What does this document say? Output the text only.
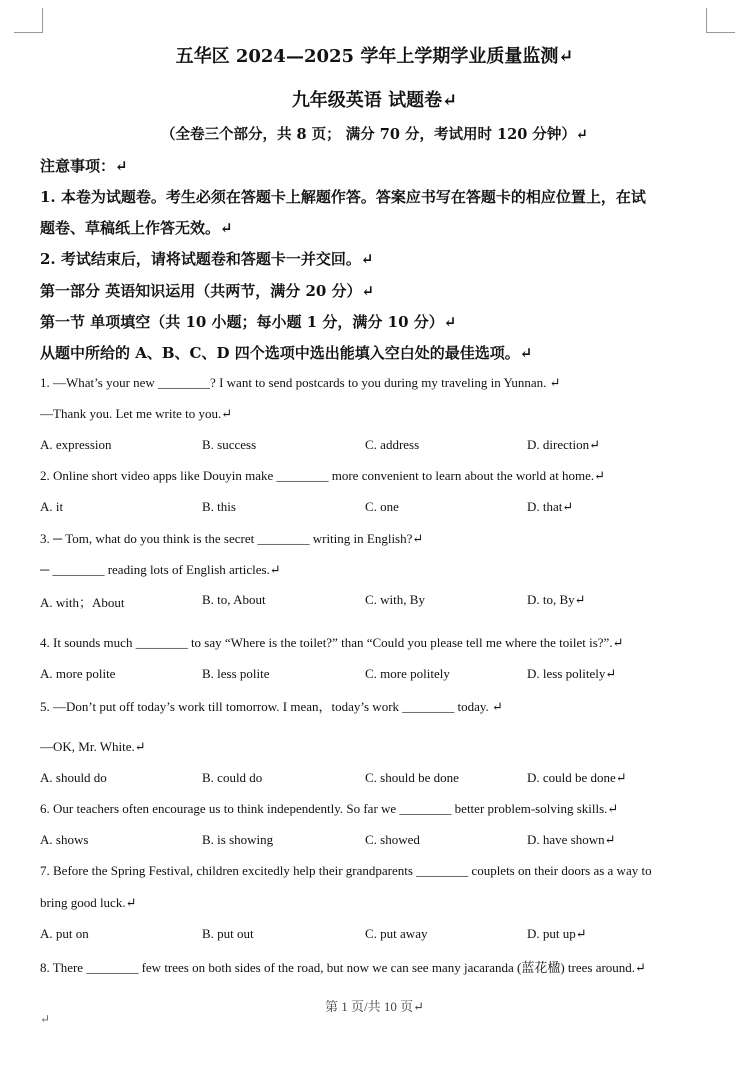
五华区 2024—2025 学年上学期学业质量监测↵
九年级英语 试题卷↵
（全卷三个部分，共 8 页； 满分 70 分，考试用时 120 分钟）↵
注意事项：↵
1. 本卷为试题卷。考生必须在答题卡上解题作答。答案应书写在答题卡的相应位置上，在试
题卷、草稿纸上作答无效。↵
2. 考试结束后，请将试题卷和答题卡一并交回。↵
第一部分 英语知识运用（共两节，满分 20 分）↵
第一节 单项填空（共 10 小题；每小题 1 分，满分 10 分）↵
从题中所给的 A、B、C、D 四个选项中选出能填入空白处的最佳选项。↵
1. —What’s your new ________? I want to send postcards to you during my traveling in Yunnan. ↵
—Thank you. Let me write to you.↵
A. expression	B. success	C. address	D. direction↵
2. Online short video apps like Douyin make ________ more convenient to learn about the world at home.↵
A. it	B. this	C. one	D. that↵
3. ─ Tom, what do you think is the secret ________ writing in English?↵
─ ________ reading lots of English articles.↵
A. with；About	B. to, About	C. with, By	D. to, By↵
4. It sounds much ________ to say “Where is the toilet?” than “Could you please tell me where the toilet is?”.↵
A. more polite	B. less polite	C. more politely	D. less politely↵
5. —Don’t put off today’s work till tomorrow. I mean，today’s work ________ today. ↵
—OK, Mr. White.↵
A. should do	B. could do	C. should be done	D. could be done↵
6. Our teachers often encourage us to think independently. So far we ________ better problem-solving skills.↵
A. shows	B. is showing	C. showed	D. have shown↵
7. Before the Spring Festival, children excitedly help their grandparents ________ couplets on their doors as a way to
bring good luck.↵
A. put on	B. put out	C. put away	D. put up↵
8. There ________ few trees on both sides of the road, but now we can see many jacaranda (蓝花楹) trees around.↵
第 1 页/共 10 页↵
↵
